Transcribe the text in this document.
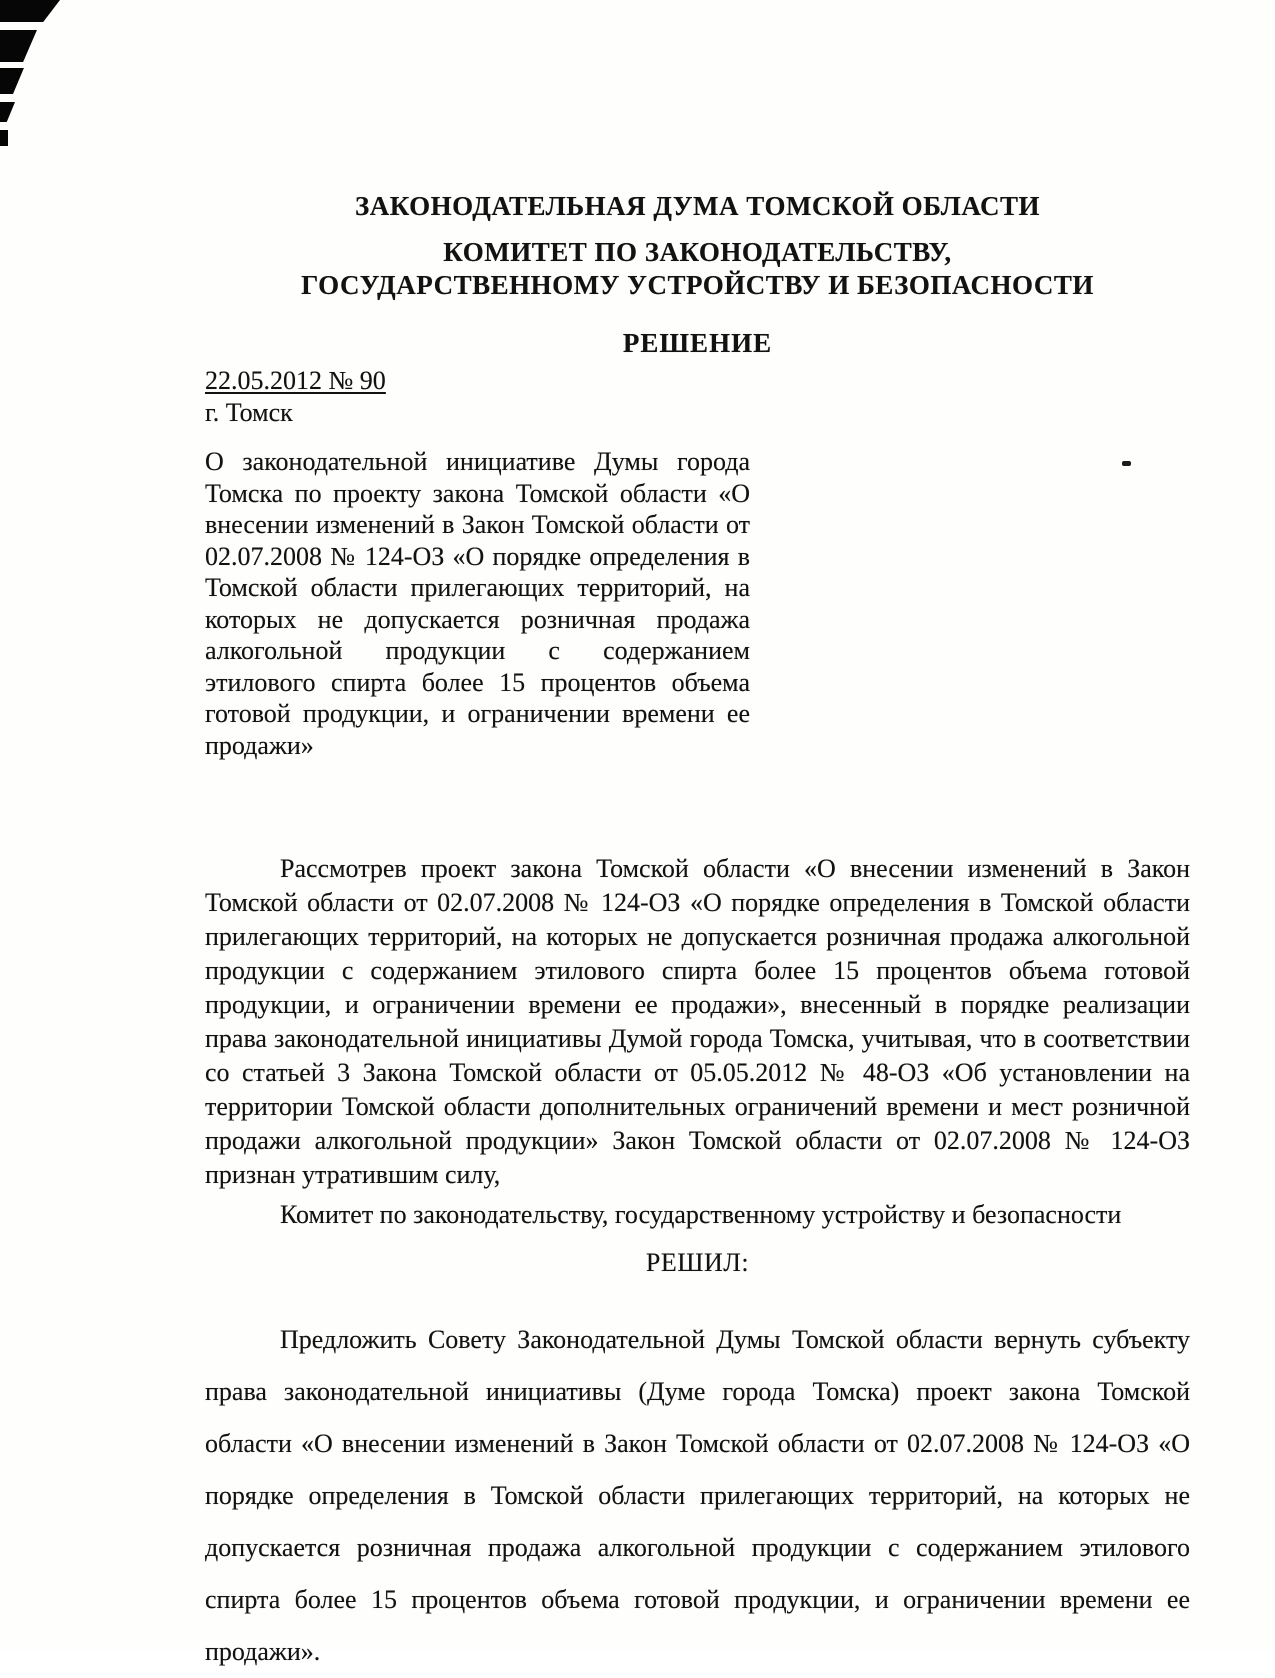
ЗАКОНОДАТЕЛЬНАЯ ДУМА ТОМСКОЙ ОБЛАСТИ
КОМИТЕТ ПО ЗАКОНОДАТЕЛЬСТВУ,
ГОСУДАРСТВЕННОМУ УСТРОЙСТВУ И БЕЗОПАСНОСТИ
РЕШЕНИЕ
22.05.2012 № 90
г. Томск
О законодательной инициативе Думы города Томска по проекту закона Томской области «О внесении изменений в Закон Томской области от 02.07.2008 № 124-ОЗ «О порядке определения в Томской области прилегающих территорий, на которых не допускается розничная продажа алкогольной продукции с содержанием этилового спирта более 15 процентов объема готовой продукции, и ограничении времени ее продажи»
Рассмотрев проект закона Томской области «О внесении изменений в Закон Томской области от 02.07.2008 № 124-ОЗ «О порядке определения в Томской области прилегающих территорий, на которых не допускается розничная продажа алкогольной продукции с содержанием этилового спирта более 15 процентов объема готовой продукции, и ограничении времени ее продажи», внесенный в порядке реализации права законодательной инициативы Думой города Томска, учитывая, что в соответствии со статьей 3 Закона Томской области от 05.05.2012 № 48-ОЗ «Об установлении на территории Томской области дополнительных ограничений времени и мест розничной продажи алкогольной продукции» Закон Томской области от 02.07.2008 № 124-ОЗ признан утратившим силу,
Комитет по законодательству, государственному устройству и безопасности
РЕШИЛ:
Предложить Совету Законодательной Думы Томской области вернуть субъекту права законодательной инициативы (Думе города Томска) проект закона Томской области «О внесении изменений в Закон Томской области от 02.07.2008 № 124-ОЗ «О порядке определения в Томской области прилегающих территорий, на которых не допускается розничная продажа алкогольной продукции с содержанием этилового спирта более 15 процентов объема готовой продукции, и ограничении времени ее продажи».
